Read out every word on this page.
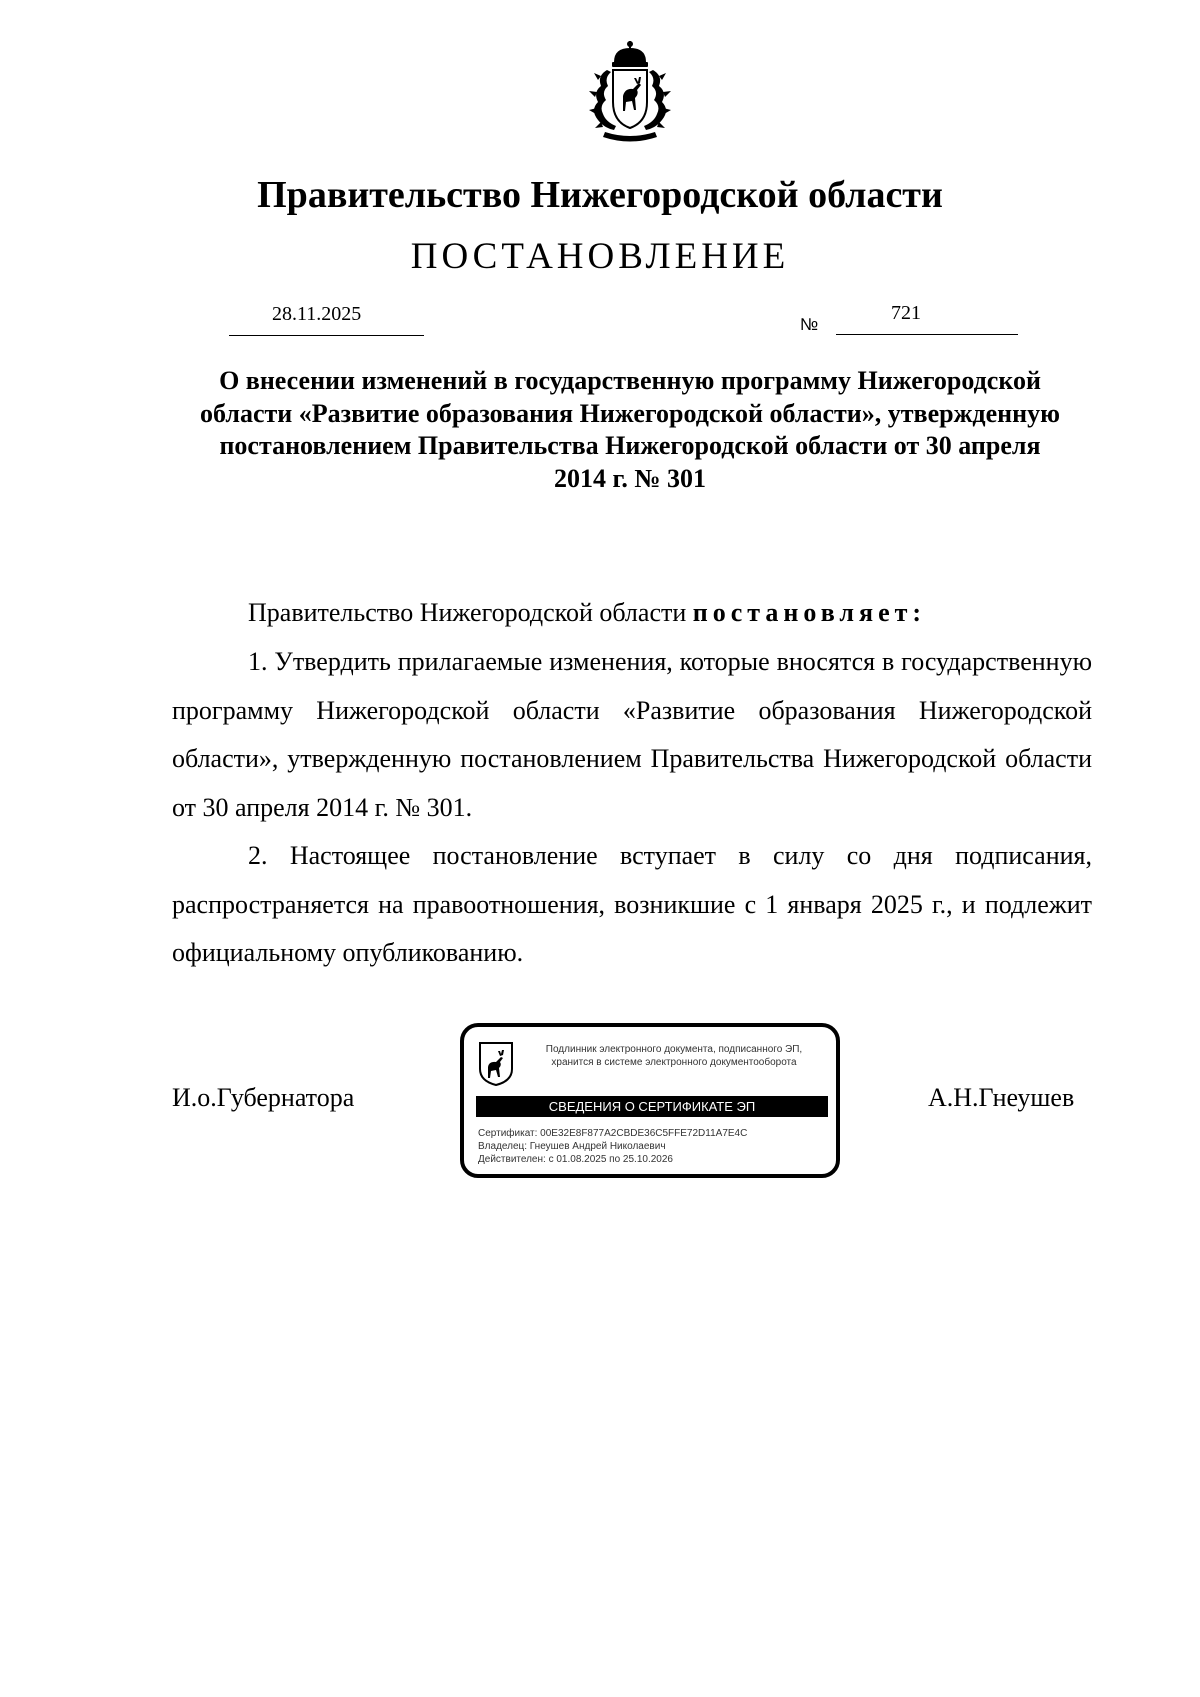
Правительство Нижегородской области
ПОСТАНОВЛЕНИЕ
28.11.2025	№
721
О внесении изменений в государственную программу Нижегородской области «Развитие образования Нижегородской области», утвержденную постановлением Правительства Нижегородской области от 30 апреля 2014 г. № 301
Правительство Нижегородской области постановляет:

1. Утвердить прилагаемые изменения, которые вносятся в государственную программу Нижегородской области «Развитие образования Нижегородской области», утвержденную постановлением Правительства Нижегородской области от 30 апреля 2014 г. № 301.

2. Настоящее постановление вступает в силу со дня подписания, распространяется на правоотношения, возникшие с 1 января 2025 г., и подлежит официальному опубликованию.

И.о.Губернатора	А.Н.Гнеушев
Подлинник электронного документа, подписанного ЭП, хранится в системе электронного документооборота
СВЕДЕНИЯ О СЕРТИФИКАТЕ ЭП
Сертификат: 00E32E8F877A2CBDE36C5FFE72D11A7E4C
Владелец: Гнеушев Андрей Николаевич
Действителен: с 01.08.2025 по 25.10.2026
